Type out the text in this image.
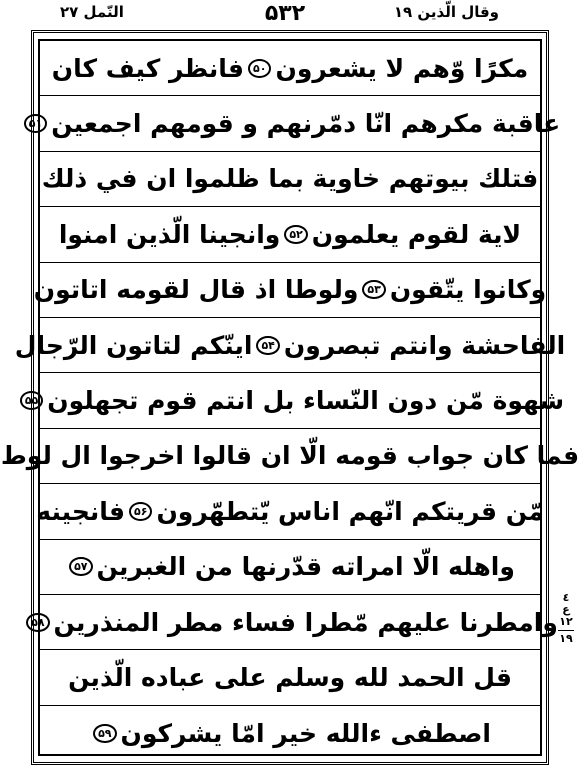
النّمل ٢٧	۵۳۲	وقال الّذين ١٩
مكرًا وّهم لا يشعرون
۵۰
فانظر كيف كان
عاقبة مكرهم انّا دمّرنهم و قومهم اجمعين
۵۱
فتلك بيوتهم خاوية بما ظلموا ان في ذلك
لاية لقوم يعلمون
۵۲
وانجينا الّذين امنوا
وكانوا يتّقون
۵۳
ولوطا اذ قال لقومه اتاتون
الفاحشة وانتم تبصرون
۵۴
اينّكم لتاتون الرّجال
شهوة مّن دون النّساء بل انتم قوم تجهلون
۵۵
فما كان جواب قومه الّا ان قالوا اخرجوا ال لوط
مّن قريتكم انّهم اناس يّتطهّرون
۵۶
فانجينه
واهله الّا امراته قدّرنها من الغبرين
۵۷
وامطرنا عليهم مّطرا فساء مطر المنذرين
۵۸
قل الحمد لله وسلم على عباده الّذين
اصطفى ءالله خير امّا يشركون
۵۹
٤
ع
١٢
١٩
